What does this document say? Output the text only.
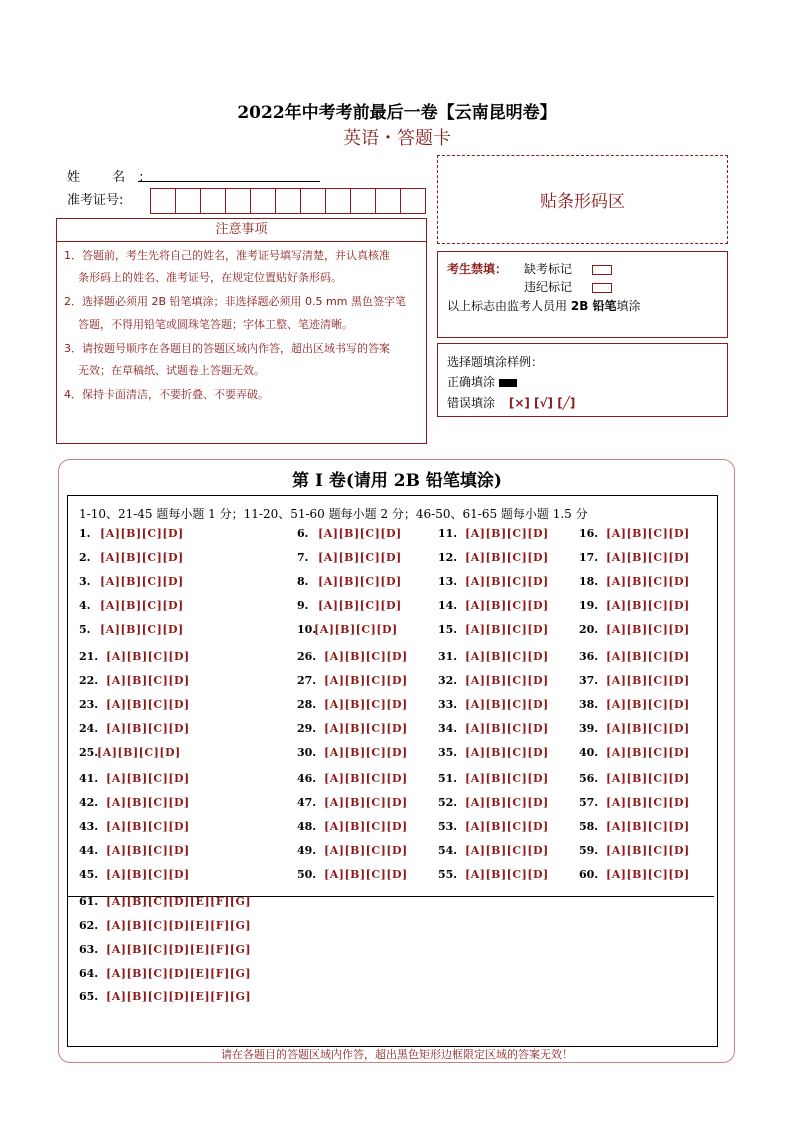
2022年中考考前最后一卷【云南昆明卷】
英语・答题卡
姓 名:
准考证号:	贴条形码区
注意事项
1．答题前，考生先将自己的姓名，准考证号填写清楚，并认真核准
条形码上的姓名、准考证号，在规定位置贴好条形码。
2．选择题必须用 2B 铅笔填涂；非选择题必须用 0.5 mm 黑色签字笔
答题，不得用铅笔或圆珠笔答题；字体工整、笔迹清晰。
3．请按题号顺序在各题目的答题区域内作答，超出区域书写的答案
无效；在草稿纸、试题卷上答题无效。
4．保持卡面清洁，不要折叠、不要弄破。
考生禁填： 缺考标记
违纪标记
以上标志由监考人员用 2B 铅笔填涂
选择题填涂样例：
正确填涂
错误填涂 [×] [√] [╱]
第 I 卷(请用 2B 铅笔填涂)
1-10、21-45 题每小题 1 分；11-20、51-60 题每小题 2 分；46-50、61-65 题每小题 1.5 分
1. [A][B][C][D]
2. [A][B][C][D]
3. [A][B][C][D]
4. [A][B][C][D]
5. [A][B][C][D]
21. [A][B][C][D]
22. [A][B][C][D]
23. [A][B][C][D]
24. [A][B][C][D]
25.
[A][B][C][D]
41. [A][B][C][D]
42. [A][B][C][D]
43. [A][B][C][D]
44. [A][B][C][D]
45. [A][B][C][D]
6. [A][B][C][D]
7. [A][B][C][D]
8. [A][B][C][D]
9. [A][B][C][D]
10.
[A][B][C][D]
26. [A][B][C][D]
27. [A][B][C][D]
28. [A][B][C][D]
29. [A][B][C][D]
30. [A][B][C][D]
46. [A][B][C][D]
47. [A][B][C][D]
48. [A][B][C][D]
49. [A][B][C][D]
50. [A][B][C][D]
11. [A][B][C][D]
12. [A][B][C][D]
13. [A][B][C][D]
14. [A][B][C][D]
15. [A][B][C][D]
31. [A][B][C][D]
32. [A][B][C][D]
33. [A][B][C][D]
34. [A][B][C][D]
35. [A][B][C][D]
51. [A][B][C][D]
52. [A][B][C][D]
53. [A][B][C][D]
54. [A][B][C][D]
55. [A][B][C][D]
16. [A][B][C][D]
17. [A][B][C][D]
18. [A][B][C][D]
19. [A][B][C][D]
20. [A][B][C][D]
36. [A][B][C][D]
37. [A][B][C][D]
38. [A][B][C][D]
39. [A][B][C][D]
40. [A][B][C][D]
56. [A][B][C][D]
57. [A][B][C][D]
58. [A][B][C][D]
59. [A][B][C][D]
60. [A][B][C][D]
61. [A][B][C][D][E][F][G]
62. [A][B][C][D][E][F][G]
63. [A][B][C][D][E][F][G]
64. [A][B][C][D][E][F][G]
65. [A][B][C][D][E][F][G]
请在各题目的答题区域内作答，超出黑色矩形边框限定区域的答案无效！
